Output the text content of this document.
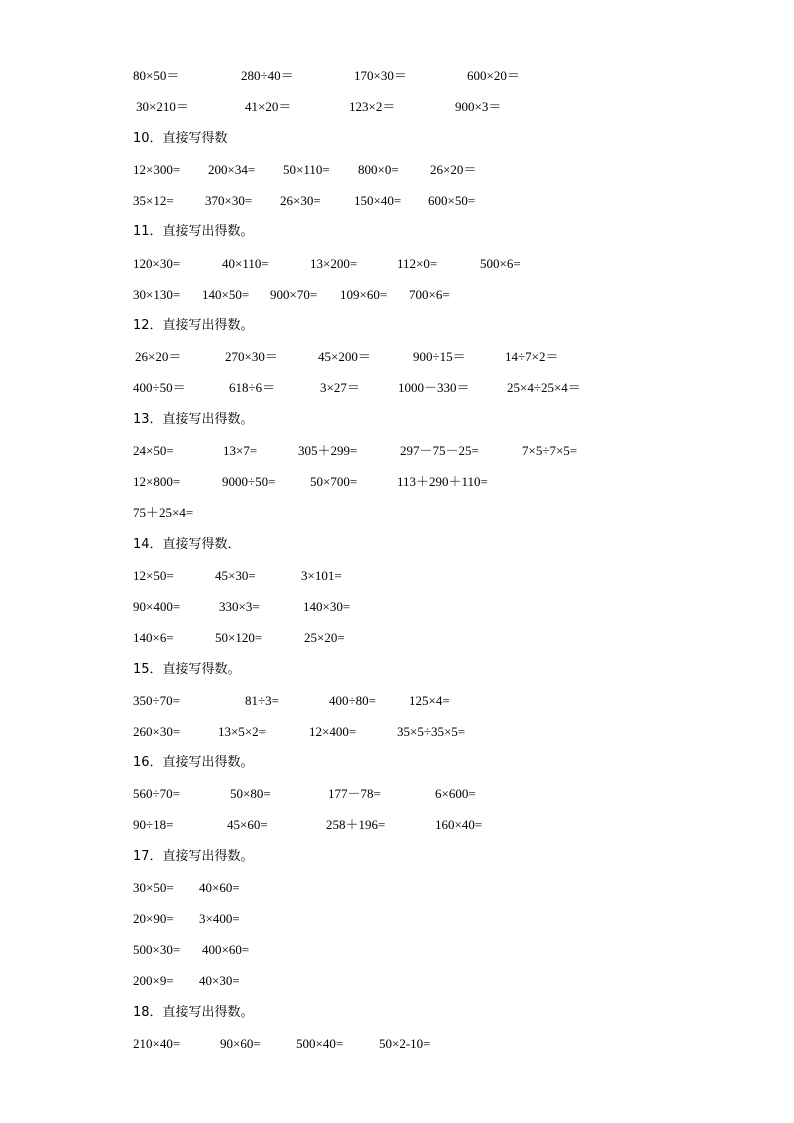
80×50＝	280÷40＝	170×30＝	600×20＝
30×210＝	41×20＝	123×2＝	900×3＝
10．直接写得数
12×300= 200×34= 50×110= 800×0= 26×20＝
35×12= 370×30= 26×30=	150×40= 600×50=
11．直接写出得数。
120×30=	40×110=	13×200=	112×0=	500×6=
30×130= 140×50= 900×70= 109×60= 700×6=
12．直接写出得数。
26×20＝	270×30＝	45×200＝	900÷15＝	14÷7×2＝
400÷50＝	618÷6＝	3×27＝	1000－330＝	25×4÷25×4＝
13．直接写出得数。
24×50=	13×7=	305＋299=	297－75－25=	7×5÷7×5=
12×800=	9000÷50=	50×700=	113＋290＋110=
75＋25×4=
14．直接写得数．
12×50=	45×30=	3×101=
90×400=	330×3=	140×30=
140×6=	50×120=	25×20=
15．直接写得数。
350÷70=	81÷3=	400÷80=	125×4=
260×30=	13×5×2=	12×400=	35×5÷35×5=
16．直接写出得数。
560÷70=	50×80=	177－78=	6×600=
90÷18=	45×60=	258＋196=	160×40=
17．直接写出得数。
30×50= 40×60=
20×90= 3×400=
500×30= 400×60=
200×9= 40×30=
18．直接写出得数。
210×40=	90×60=	500×40=	50×2-10=
